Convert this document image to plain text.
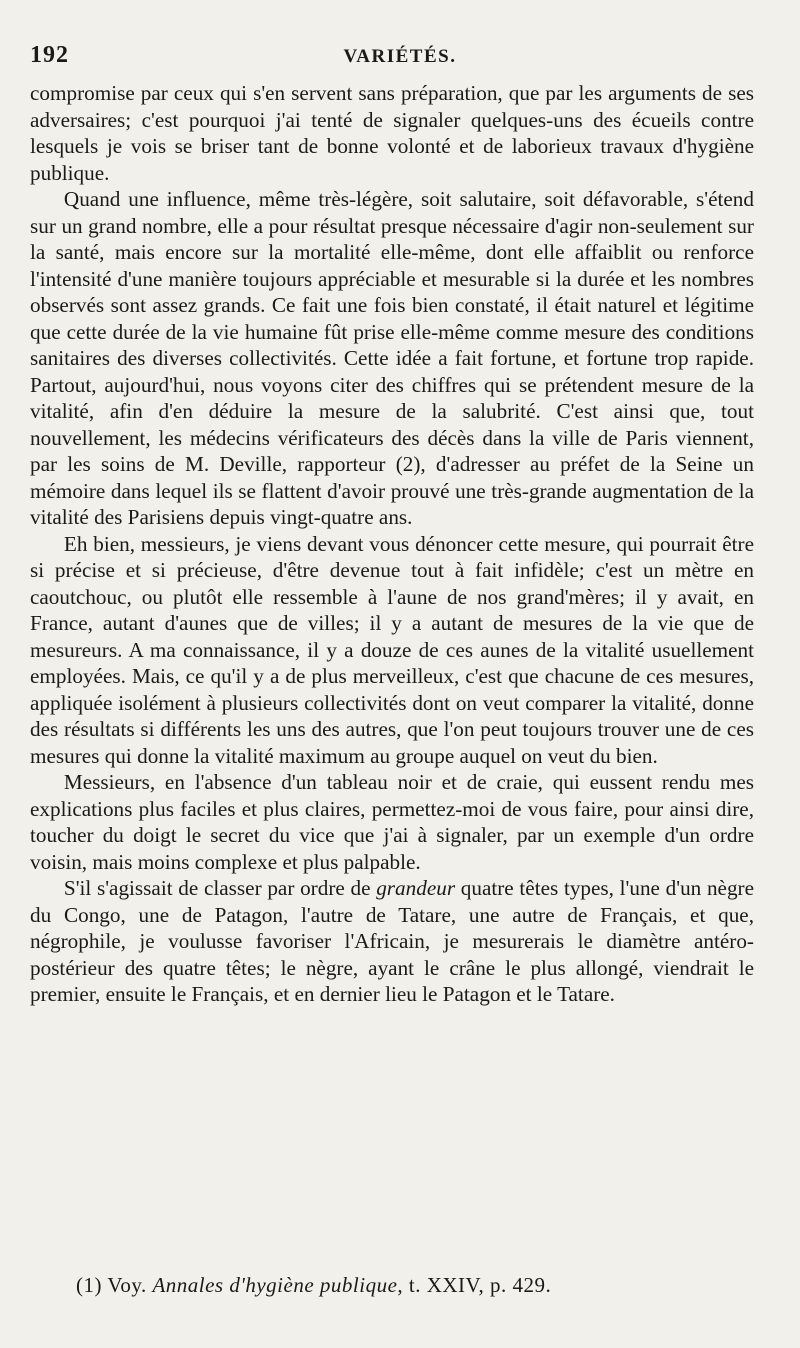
192	VARIÉTÉS.

compromise par ceux qui s'en servent sans préparation, que par les arguments de ses adversaires; c'est pourquoi j'ai tenté de signaler quelques-uns des écueils contre lesquels je vois se briser tant de bonne volonté et de laborieux travaux d'hygiène publique.

Quand une influence, même très-légère, soit salutaire, soit défavorable, s'étend sur un grand nombre, elle a pour résultat presque nécessaire d'agir non-seulement sur la santé, mais encore sur la mortalité elle-même, dont elle affaiblit ou renforce l'intensité d'une manière toujours appréciable et mesurable si la durée et les nombres observés sont assez grands. Ce fait une fois bien constaté, il était naturel et légitime que cette durée de la vie humaine fût prise elle-même comme mesure des conditions sanitaires des diverses collectivités. Cette idée a fait fortune, et fortune trop rapide. Partout, aujourd'hui, nous voyons citer des chiffres qui se prétendent mesure de la vitalité, afin d'en déduire la mesure de la salubrité. C'est ainsi que, tout nouvellement, les médecins vérificateurs des décès dans la ville de Paris viennent, par les soins de M. Deville, rapporteur (2), d'adresser au préfet de la Seine un mémoire dans lequel ils se flattent d'avoir prouvé une très-grande augmentation de la vitalité des Parisiens depuis vingt-quatre ans.

Eh bien, messieurs, je viens devant vous dénoncer cette mesure, qui pourrait être si précise et si précieuse, d'être devenue tout à fait infidèle; c'est un mètre en caoutchouc, ou plutôt elle ressemble à l'aune de nos grand'mères; il y avait, en France, autant d'aunes que de villes; il y a autant de mesures de la vie que de mesureurs. A ma connaissance, il y a douze de ces aunes de la vitalité usuellement employées. Mais, ce qu'il y a de plus merveilleux, c'est que chacune de ces mesures, appliquée isolément à plusieurs collectivités dont on veut comparer la vitalité, donne des résultats si différents les uns des autres, que l'on peut toujours trouver une de ces mesures qui donne la vitalité maximum au groupe auquel on veut du bien.

Messieurs, en l'absence d'un tableau noir et de craie, qui eussent rendu mes explications plus faciles et plus claires, permettez-moi de vous faire, pour ainsi dire, toucher du doigt le secret du vice que j'ai à signaler, par un exemple d'un ordre voisin, mais moins complexe et plus palpable.

S'il s'agissait de classer par ordre de grandeur quatre têtes types, l'une d'un nègre du Congo, une de Patagon, l'autre de Tatare, une autre de Français, et que, négrophile, je voulusse favoriser l'Africain, je mesurerais le diamètre antéro-postérieur des quatre têtes; le nègre, ayant le crâne le plus allongé, viendrait le premier, ensuite le Français, et en dernier lieu le Patagon et le Tatare.

(1) Voy. Annales d'hygiène publique, t. XXIV, p. 429.
